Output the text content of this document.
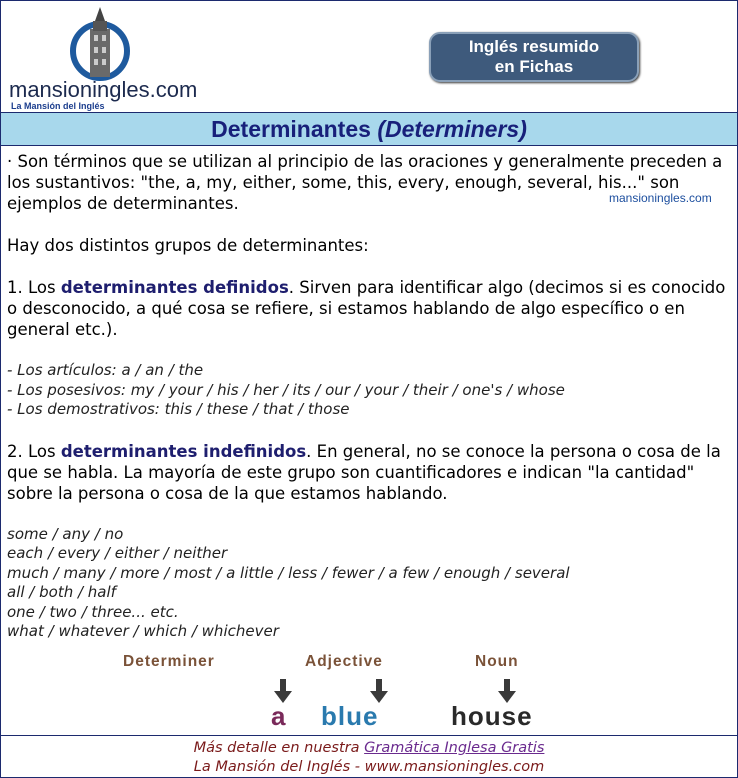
mansioningles.com
La Mansión del Inglés
Inglés resumido
en Fichas
Determinantes (Determiners)
mansioningles.com

· Son términos que se utilizan al principio de las oraciones y generalmente preceden a los sustantivos: "the, a, my, either, some, this, every, enough, several, his..." son ejemplos de determinantes.

Hay dos distintos grupos de determinantes:

1. Los determinantes definidos. Sirven para identificar algo (decimos si es conocido o desconocido, a qué cosa se refiere, si estamos hablando de algo específico o en general etc.).

- Los artículos: a / an / the
- Los posesivos: my / your / his / her / its / our / your / their / one's / whose
- Los demostrativos: this / these / that / those

2. Los determinantes indefinidos. En general, no se conoce la persona o cosa de la que se habla. La mayoría de este grupo son cuantificadores e indican "la cantidad" sobre la persona o cosa de la que estamos hablando.

some / any / no
each / every / either / neither
much / many / more / most / a little / less / fewer / a few / enough / several
all / both / half
one / two / three... etc.
what / whatever / which / whichever
Determiner	Adjective	Noun
a blue	house
Más detalle en nuestra Gramática Inglesa Gratis
La Mansión del Inglés - www.mansioningles.com
